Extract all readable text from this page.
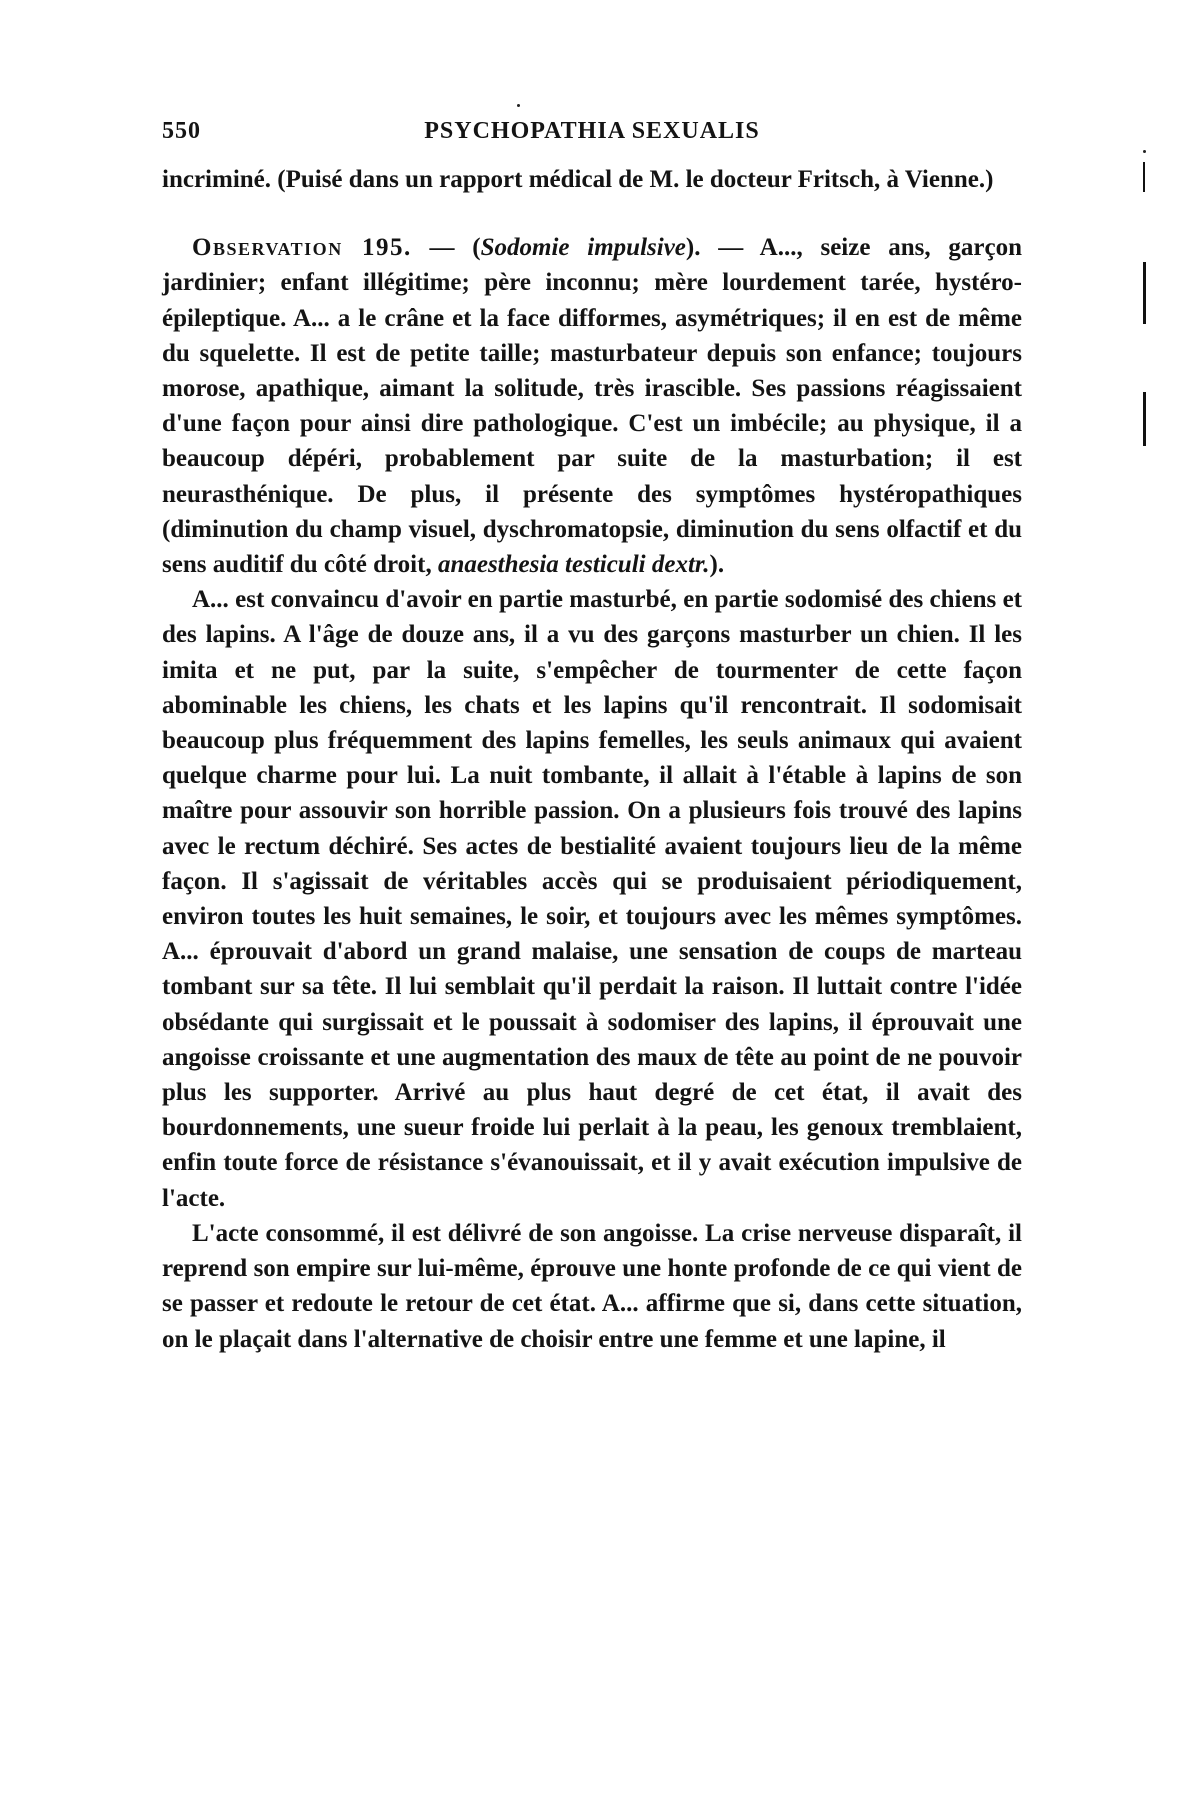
550	PSYCHOPATHIA SEXUALIS

incriminé. (Puisé dans un rapport médical de M. le docteur Fritsch, à Vienne.)

Observation 195. — (Sodomie impulsive). — A..., seize ans, garçon jardinier; enfant illégitime; père inconnu; mère lourdement tarée, hystéro-épileptique. A... a le crâne et la face difformes, asymétriques; il en est de même du squelette. Il est de petite taille; masturbateur depuis son enfance; toujours morose, apathique, aimant la solitude, très irascible. Ses passions réagissaient d'une façon pour ainsi dire pathologique. C'est un imbécile; au physique, il a beaucoup dépéri, probablement par suite de la masturbation; il est neurasthénique. De plus, il présente des symptômes hystéropathiques (diminution du champ visuel, dyschromatopsie, diminution du sens olfactif et du sens auditif du côté droit, anaesthesia testiculi dextr.).

A... est convaincu d'avoir en partie masturbé, en partie sodomisé des chiens et des lapins. A l'âge de douze ans, il a vu des garçons masturber un chien. Il les imita et ne put, par la suite, s'empêcher de tourmenter de cette façon abominable les chiens, les chats et les lapins qu'il rencontrait. Il sodomisait beaucoup plus fréquemment des lapins femelles, les seuls animaux qui avaient quelque charme pour lui. La nuit tombante, il allait à l'étable à lapins de son maître pour assouvir son horrible passion. On a plusieurs fois trouvé des lapins avec le rectum déchiré. Ses actes de bestialité avaient toujours lieu de la même façon. Il s'agissait de véritables accès qui se produisaient périodiquement, environ toutes les huit semaines, le soir, et toujours avec les mêmes symptômes. A... éprouvait d'abord un grand malaise, une sensation de coups de marteau tombant sur sa tête. Il lui semblait qu'il perdait la raison. Il luttait contre l'idée obsédante qui surgissait et le poussait à sodomiser des lapins, il éprouvait une angoisse croissante et une augmentation des maux de tête au point de ne pouvoir plus les supporter. Arrivé au plus haut degré de cet état, il avait des bourdonnements, une sueur froide lui perlait à la peau, les genoux tremblaient, enfin toute force de résistance s'évanouissait, et il y avait exécution impulsive de l'acte.

L'acte consommé, il est délivré de son angoisse. La crise nerveuse disparaît, il reprend son empire sur lui-même, éprouve une honte profonde de ce qui vient de se passer et redoute le retour de cet état. A... affirme que si, dans cette situation, on le plaçait dans l'alternative de choisir entre une femme et une lapine, il
